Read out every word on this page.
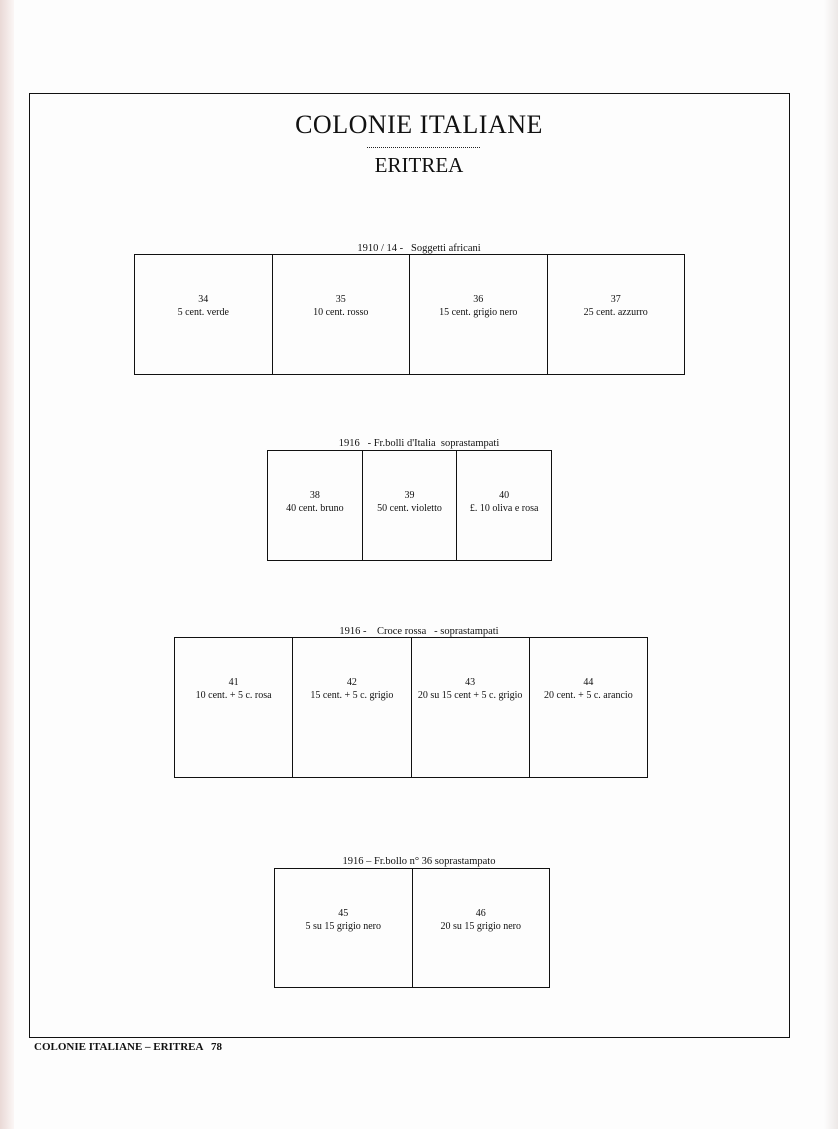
COLONIE ITALIANE
ERITREA
1910 / 14 -   Soggetti africani
34
5 cent. verde
35
10 cent. rosso
36
15 cent. grigio nero
37
25 cent. azzurro
1916   - Fr.bolli d'Italia  soprastampati
38
40 cent. bruno
39
50 cent. violetto
40
£. 10 oliva e rosa
1916 -    Croce rossa   - soprastampati
41
10 cent. + 5 c. rosa
42
15 cent. + 5 c. grigio
43
20 su 15 cent + 5 c. grigio
44
20 cent. + 5 c. arancio
1916 – Fr.bollo n° 36 soprastampato
45
5 su 15 grigio nero
46
20 su 15 grigio nero
COLONIE ITALIANE – ERITREA   78
